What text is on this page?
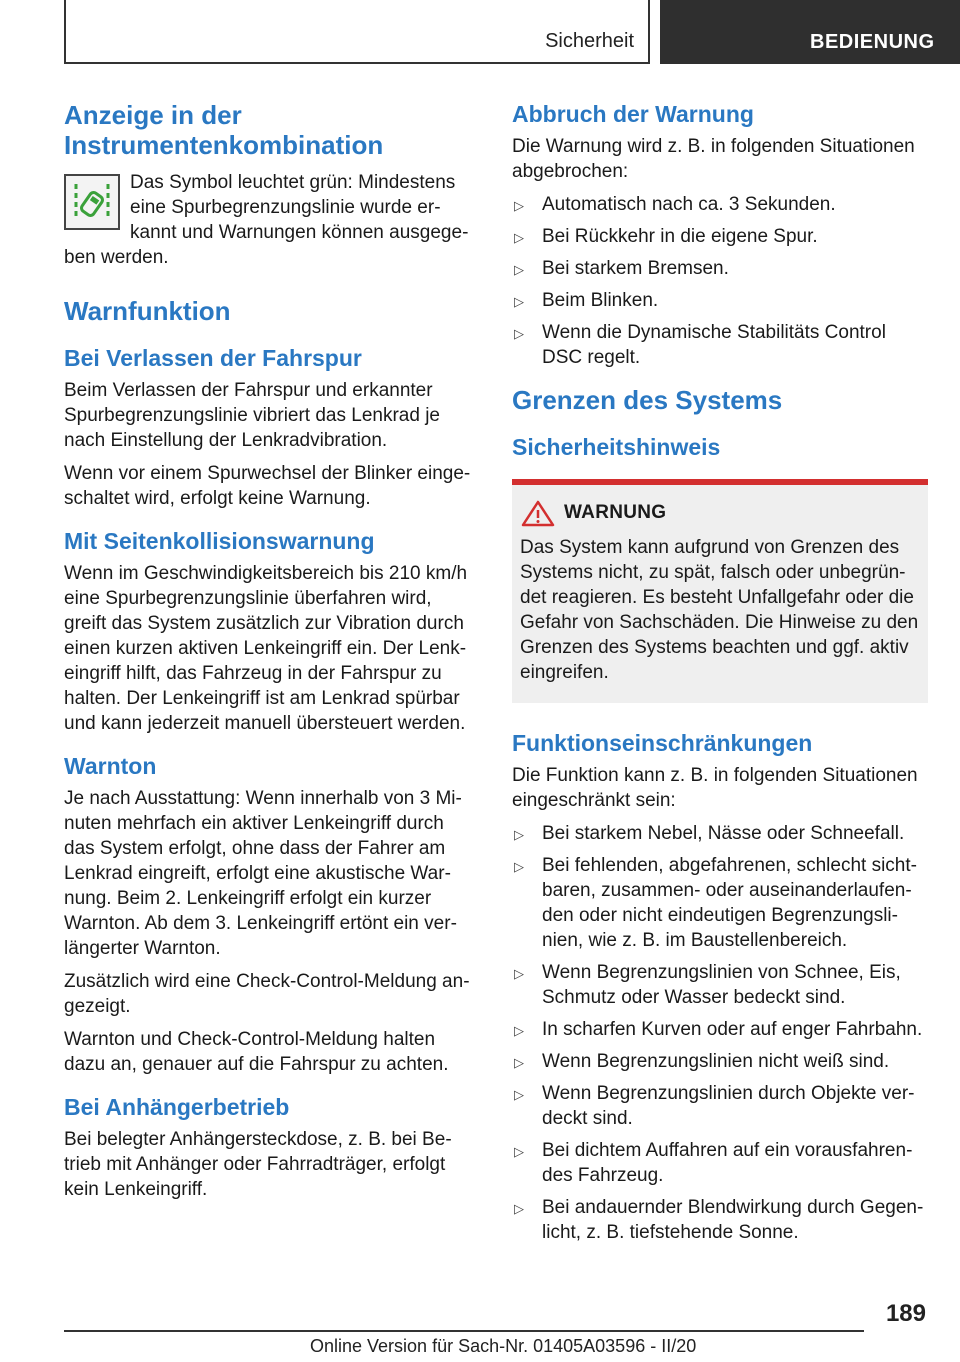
Sicherheit	BEDIENUNG
Anzeige in der Instrumentenkombination

Das Symbol leuchtet grün: Mindestens eine Spurbegrenzungslinie wurde erkannt und Warnungen können ausgegeben werden.

Warnfunktion
Bei Verlassen der Fahrspur

Beim Verlassen der Fahrspur und erkannter Spurbegrenzungslinie vibriert das Lenkrad je nach Einstellung der Lenkradvibration.

Wenn vor einem Spurwechsel der Blinker eingeschaltet wird, erfolgt keine Warnung.

Mit Seitenkollisionswarnung

Wenn im Geschwindigkeitsbereich bis 210 km/h eine Spurbegrenzungslinie überfahren wird, greift das System zusätzlich zur Vibration durch einen kurzen aktiven Lenkeingriff ein. Der Lenkeingriff hilft, das Fahrzeug in der Fahrspur zu halten. Der Lenkeingriff ist am Lenkrad spürbar und kann jederzeit manuell übersteuert werden.

Warnton

Je nach Ausstattung: Wenn innerhalb von 3 Minuten mehrfach ein aktiver Lenkeingriff durch das System erfolgt, ohne dass der Fahrer am Lenkrad eingreift, erfolgt eine akustische Warnung. Beim 2. Lenkeingriff erfolgt ein kurzer Warnton. Ab dem 3. Lenkeingriff ertönt ein verlängerter Warnton.

Zusätzlich wird eine Check-Control-Meldung angezeigt.

Warnton und Check-Control-Meldung halten dazu an, genauer auf die Fahrspur zu achten.

Bei Anhängerbetrieb

Bei belegter Anhängersteckdose, z. B. bei Betrieb mit Anhänger oder Fahrradträger, erfolgt kein Lenkeingriff.

Abbruch der Warnung

Die Warnung wird z. B. in folgenden Situationen abgebrochen:

▷ Automatisch nach ca. 3 Sekunden.
▷ Bei Rückkehr in die eigene Spur.
▷ Bei starkem Bremsen.
▷ Beim Blinken.
▷ Wenn die Dynamische Stabilitäts Control DSC regelt.
Grenzen des Systems
Sicherheitshinweis
WARNUNG

Das System kann aufgrund von Grenzen des Systems nicht, zu spät, falsch oder unbegründet reagieren. Es besteht Unfallgefahr oder die Gefahr von Sachschäden. Die Hinweise zu den Grenzen des Systems beachten und ggf. aktiv eingreifen.

Funktionseinschränkungen

Die Funktion kann z. B. in folgenden Situationen eingeschränkt sein:

▷ Bei starkem Nebel, Nässe oder Schneefall.
▷ Bei fehlenden, abgefahrenen, schlecht sichtbaren, zusammen- oder auseinanderlaufenden oder nicht eindeutigen Begrenzungslinien, wie z. B. im Baustellenbereich.
▷ Wenn Begrenzungslinien von Schnee, Eis, Schmutz oder Wasser bedeckt sind.
▷ In scharfen Kurven oder auf enger Fahrbahn.
▷ Wenn Begrenzungslinien nicht weiß sind.
▷ Wenn Begrenzungslinien durch Objekte verdeckt sind.
▷ Bei dichtem Auffahren auf ein vorausfahrendes Fahrzeug.
▷ Bei andauernder Blendwirkung durch Gegenlicht, z. B. tiefstehende Sonne.
189
Online Version für Sach-Nr. 01405A03596 - II/20
